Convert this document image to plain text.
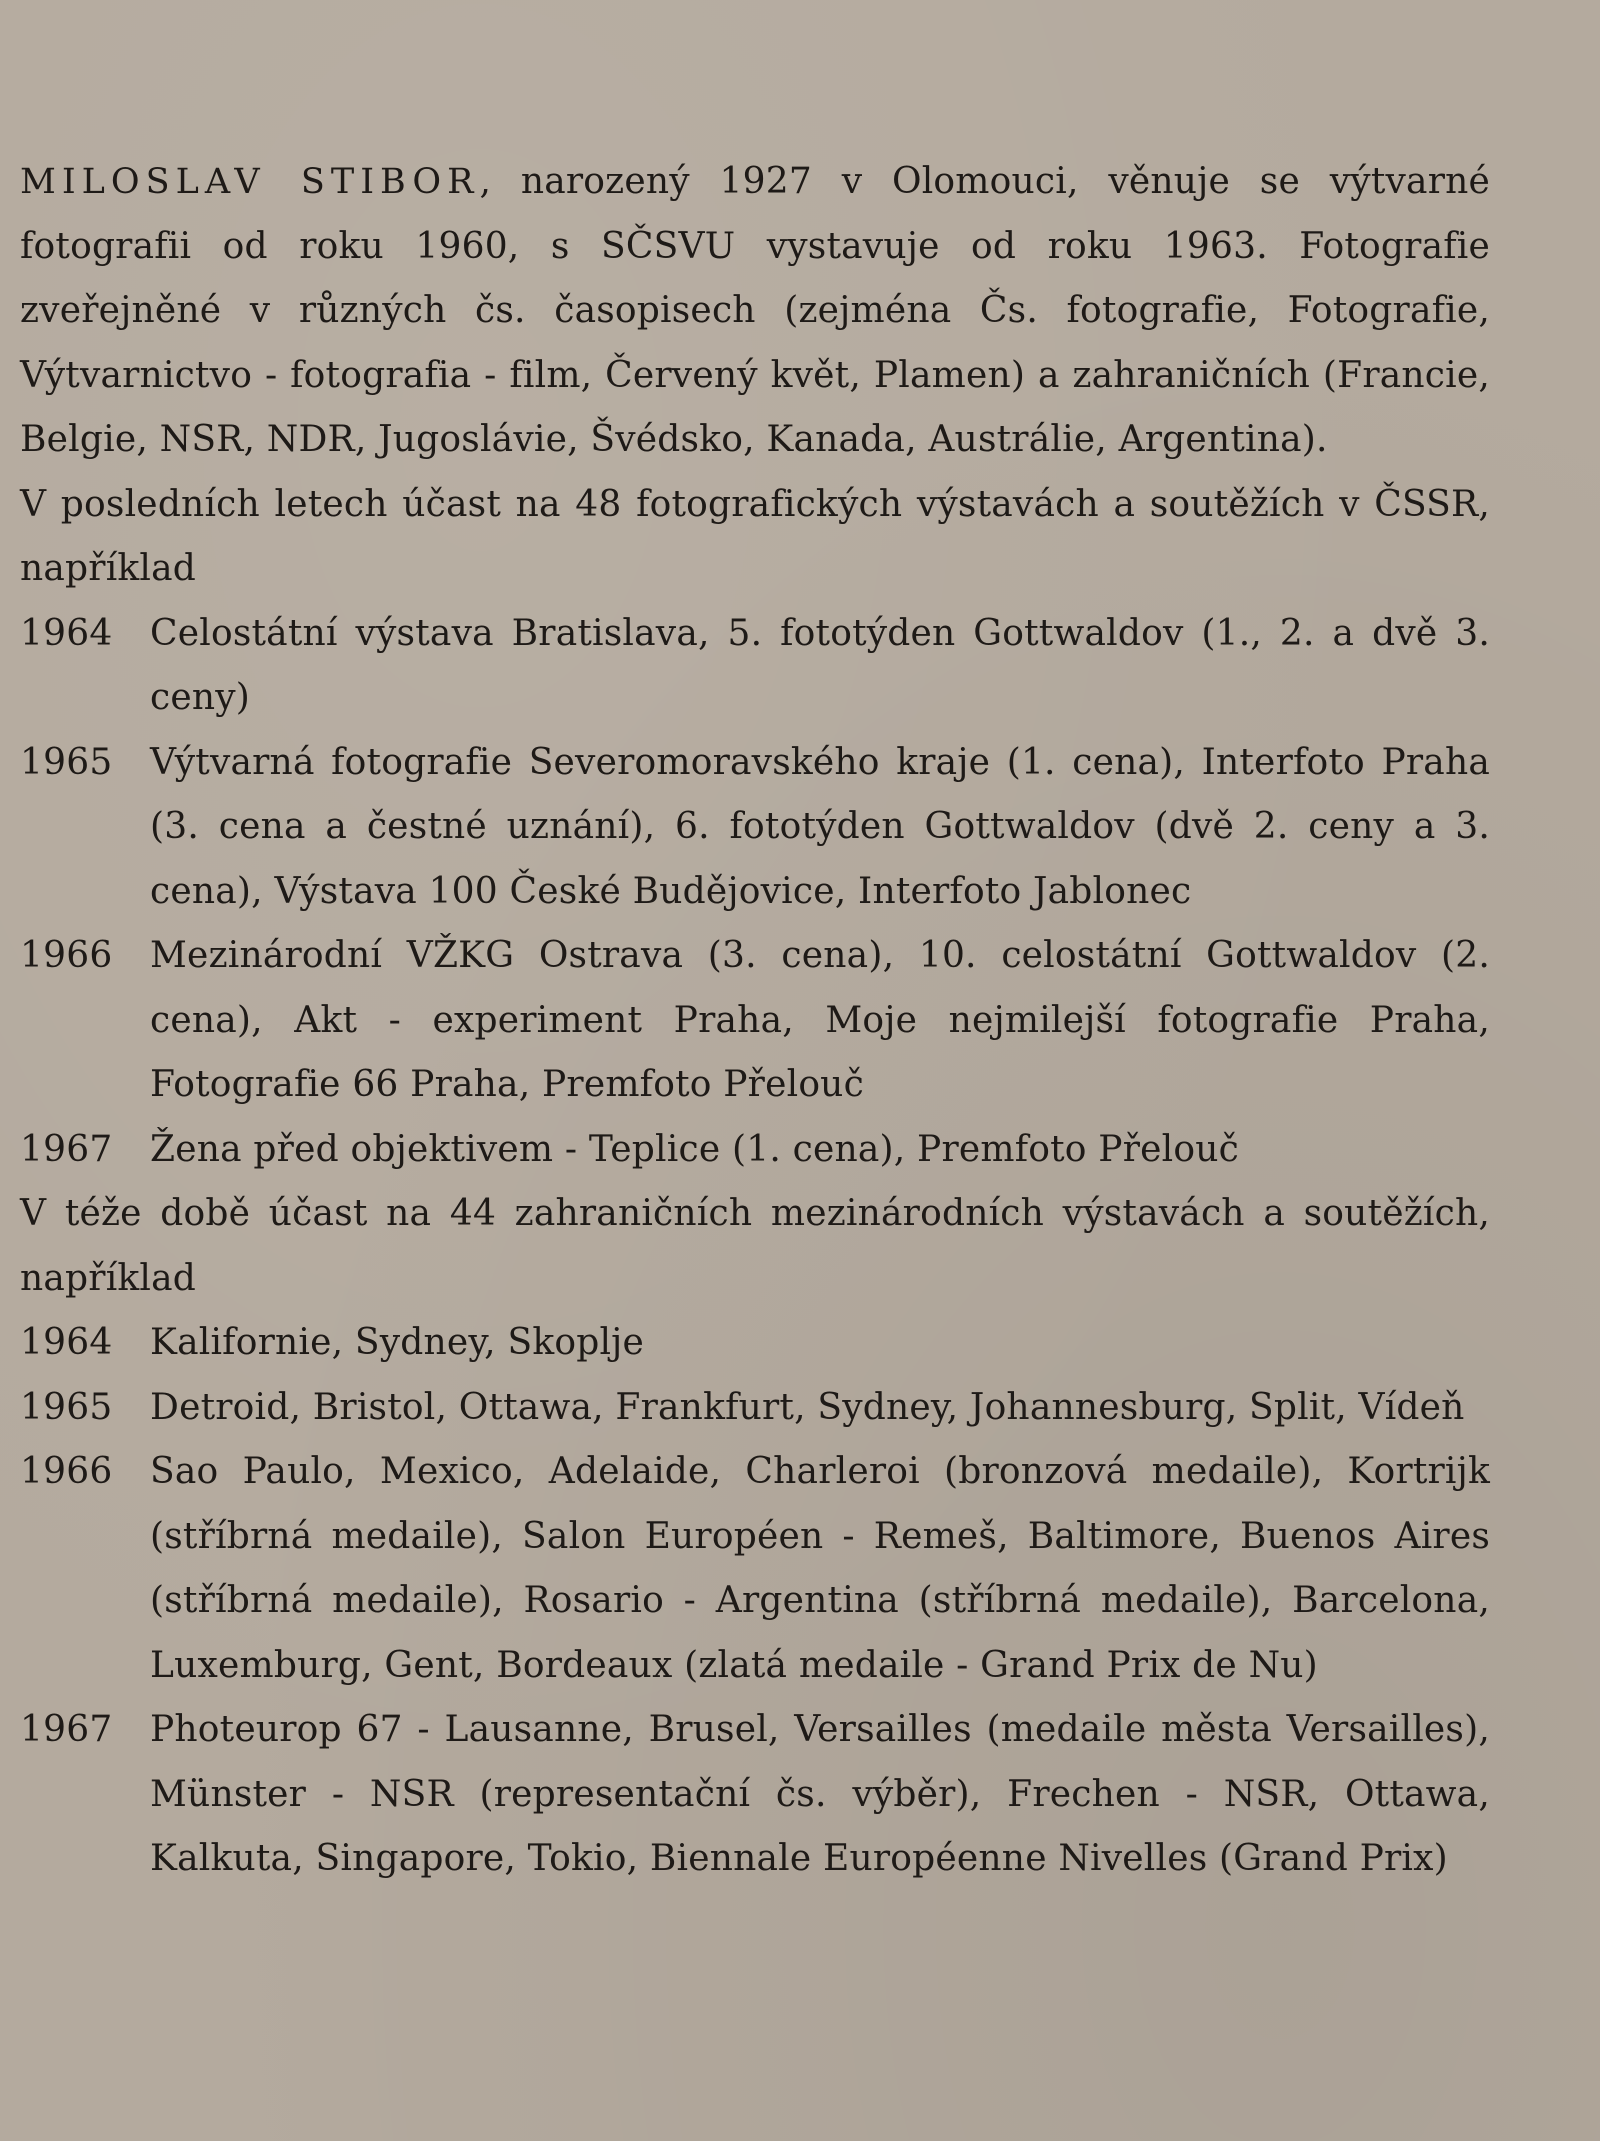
MILOSLAV STIBOR, narozený 1927 v Olomouci, věnuje se výtvarné fotografii od roku 1960, s SČSVU vystavuje od roku 1963. Fotografie zveřejněné v různých čs. časopisech (zejména Čs. fotografie, Fotografie, Výtvarnictvo - fotografia - film, Červený květ, Plamen) a zahraničních (Francie, Belgie, NSR, NDR, Jugoslávie, Švédsko, Kanada, Austrálie, Argentina).

V posledních letech účast na 48 fotografických výstavách a soutěžích v ČSSR, například

1964	Celostátní výstava Bratislava, 5. fototýden Gottwaldov (1., 2. a dvě 3. ceny)
1965	Výtvarná fotografie Severomoravského kraje (1. cena), Interfoto Praha (3. cena a čestné uznání), 6. fototýden Gottwaldov (dvě 2. ceny a 3. cena), Výstava 100 České Budějovice, Interfoto Jablonec
1966	Mezinárodní VŽKG Ostrava (3. cena), 10. celostátní Gottwaldov (2. cena), Akt - experiment Praha, Moje nejmilejší fotografie Praha, Fotografie 66 Praha, Premfoto Přelouč
1967	Žena před objektivem - Teplice (1. cena), Premfoto Přelouč

V téže době účast na 44 zahraničních mezinárodních výstavách a soutěžích, například

1964	Kalifornie, Sydney, Skoplje
1965	Detroid, Bristol, Ottawa, Frankfurt, Sydney, Johannesburg, Split, Vídeň
1966	Sao Paulo, Mexico, Adelaide, Charleroi (bronzová medaile), Kortrijk (stříbrná medaile), Salon Européen - Remeš, Baltimore, Buenos Aires (stříbrná medaile), Rosario - Argentina (stříbrná medaile), Barcelona, Luxemburg, Gent, Bordeaux (zlatá medaile - Grand Prix de Nu)
1967	Photeurop 67 - Lausanne, Brusel, Versailles (medaile města Versailles), Münster - NSR (representační čs. výběr), Frechen - NSR, Ottawa, Kalkuta, Singapore, Tokio, Biennale Européenne Nivelles (Grand Prix)
